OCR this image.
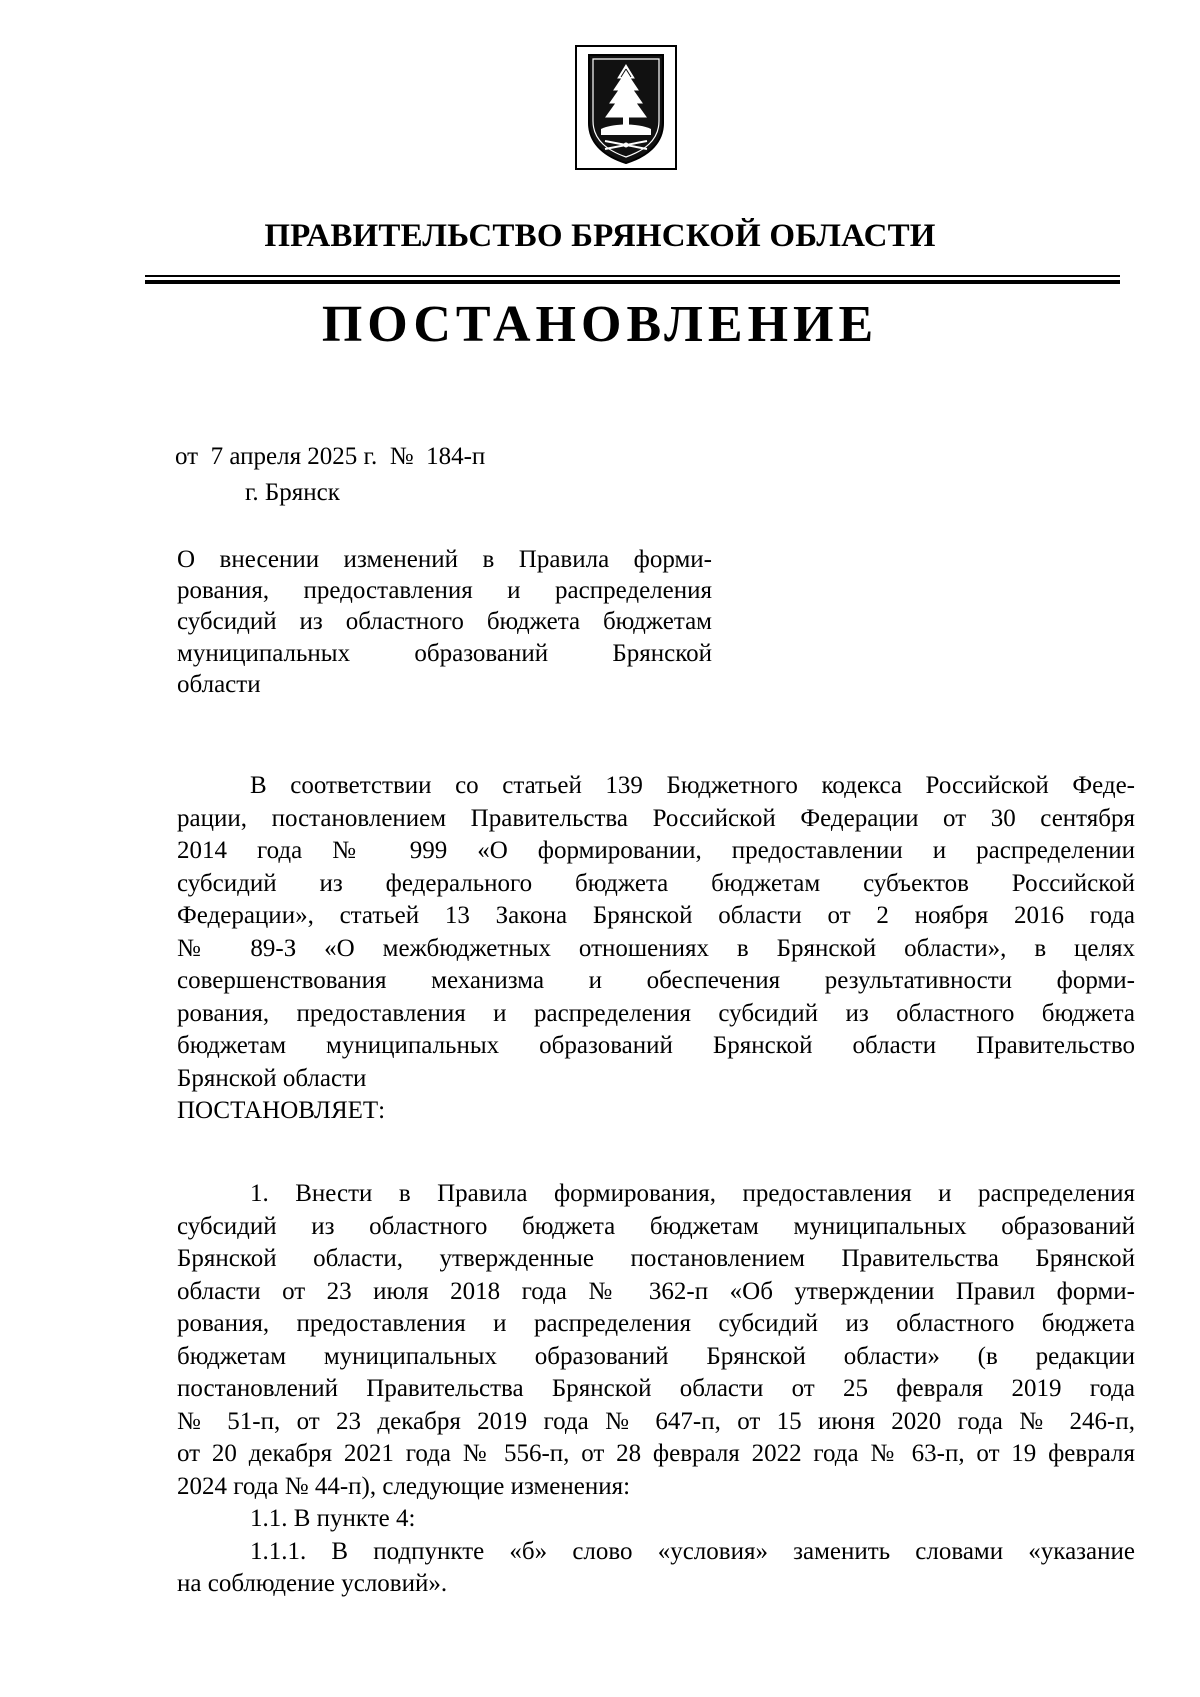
ПРАВИТЕЛЬСТВО БРЯНСКОЙ ОБЛАСТИ
ПОСТАНОВЛЕНИЕ
от  7 апреля 2025 г.  №  184-п
г. Брянск
О внесении изменений в Правила форми-
рования, предоставления и распределения
субсидий из областного бюджета бюджетам
муниципальных образований Брянской
области
В соответствии со статьей 139 Бюджетного кодекса Российской Феде-
рации, постановлением Правительства Российской Федерации от 30 сентября
2014 года № 999 «О формировании, предоставлении и распределении
субсидий из федерального бюджета бюджетам субъектов Российской
Федерации», статьей 13 Закона Брянской области от 2 ноября 2016 года
№ 89-З «О межбюджетных отношениях в Брянской области», в целях
совершенствования механизма и обеспечения результативности форми-
рования, предоставления и распределения субсидий из областного бюджета
бюджетам муниципальных образований Брянской области Правительство
Брянской области
ПОСТАНОВЛЯЕТ:
1. Внести в Правила формирования, предоставления и распределения
субсидий из областного бюджета бюджетам муниципальных образований
Брянской области, утвержденные постановлением Правительства Брянской
области от 23 июля 2018 года № 362-п «Об утверждении Правил форми-
рования, предоставления и распределения субсидий из областного бюджета
бюджетам муниципальных образований Брянской области» (в редакции
постановлений Правительства Брянской области от 25 февраля 2019 года
№ 51-п, от 23 декабря 2019 года № 647-п, от 15 июня 2020 года № 246-п,
от 20 декабря 2021 года № 556-п, от 28 февраля 2022 года № 63-п, от 19 февраля
2024 года № 44-п), следующие изменения:
1.1. В пункте 4:
1.1.1. В подпункте «б» слово «условия» заменить словами «указание
на соблюдение условий».
